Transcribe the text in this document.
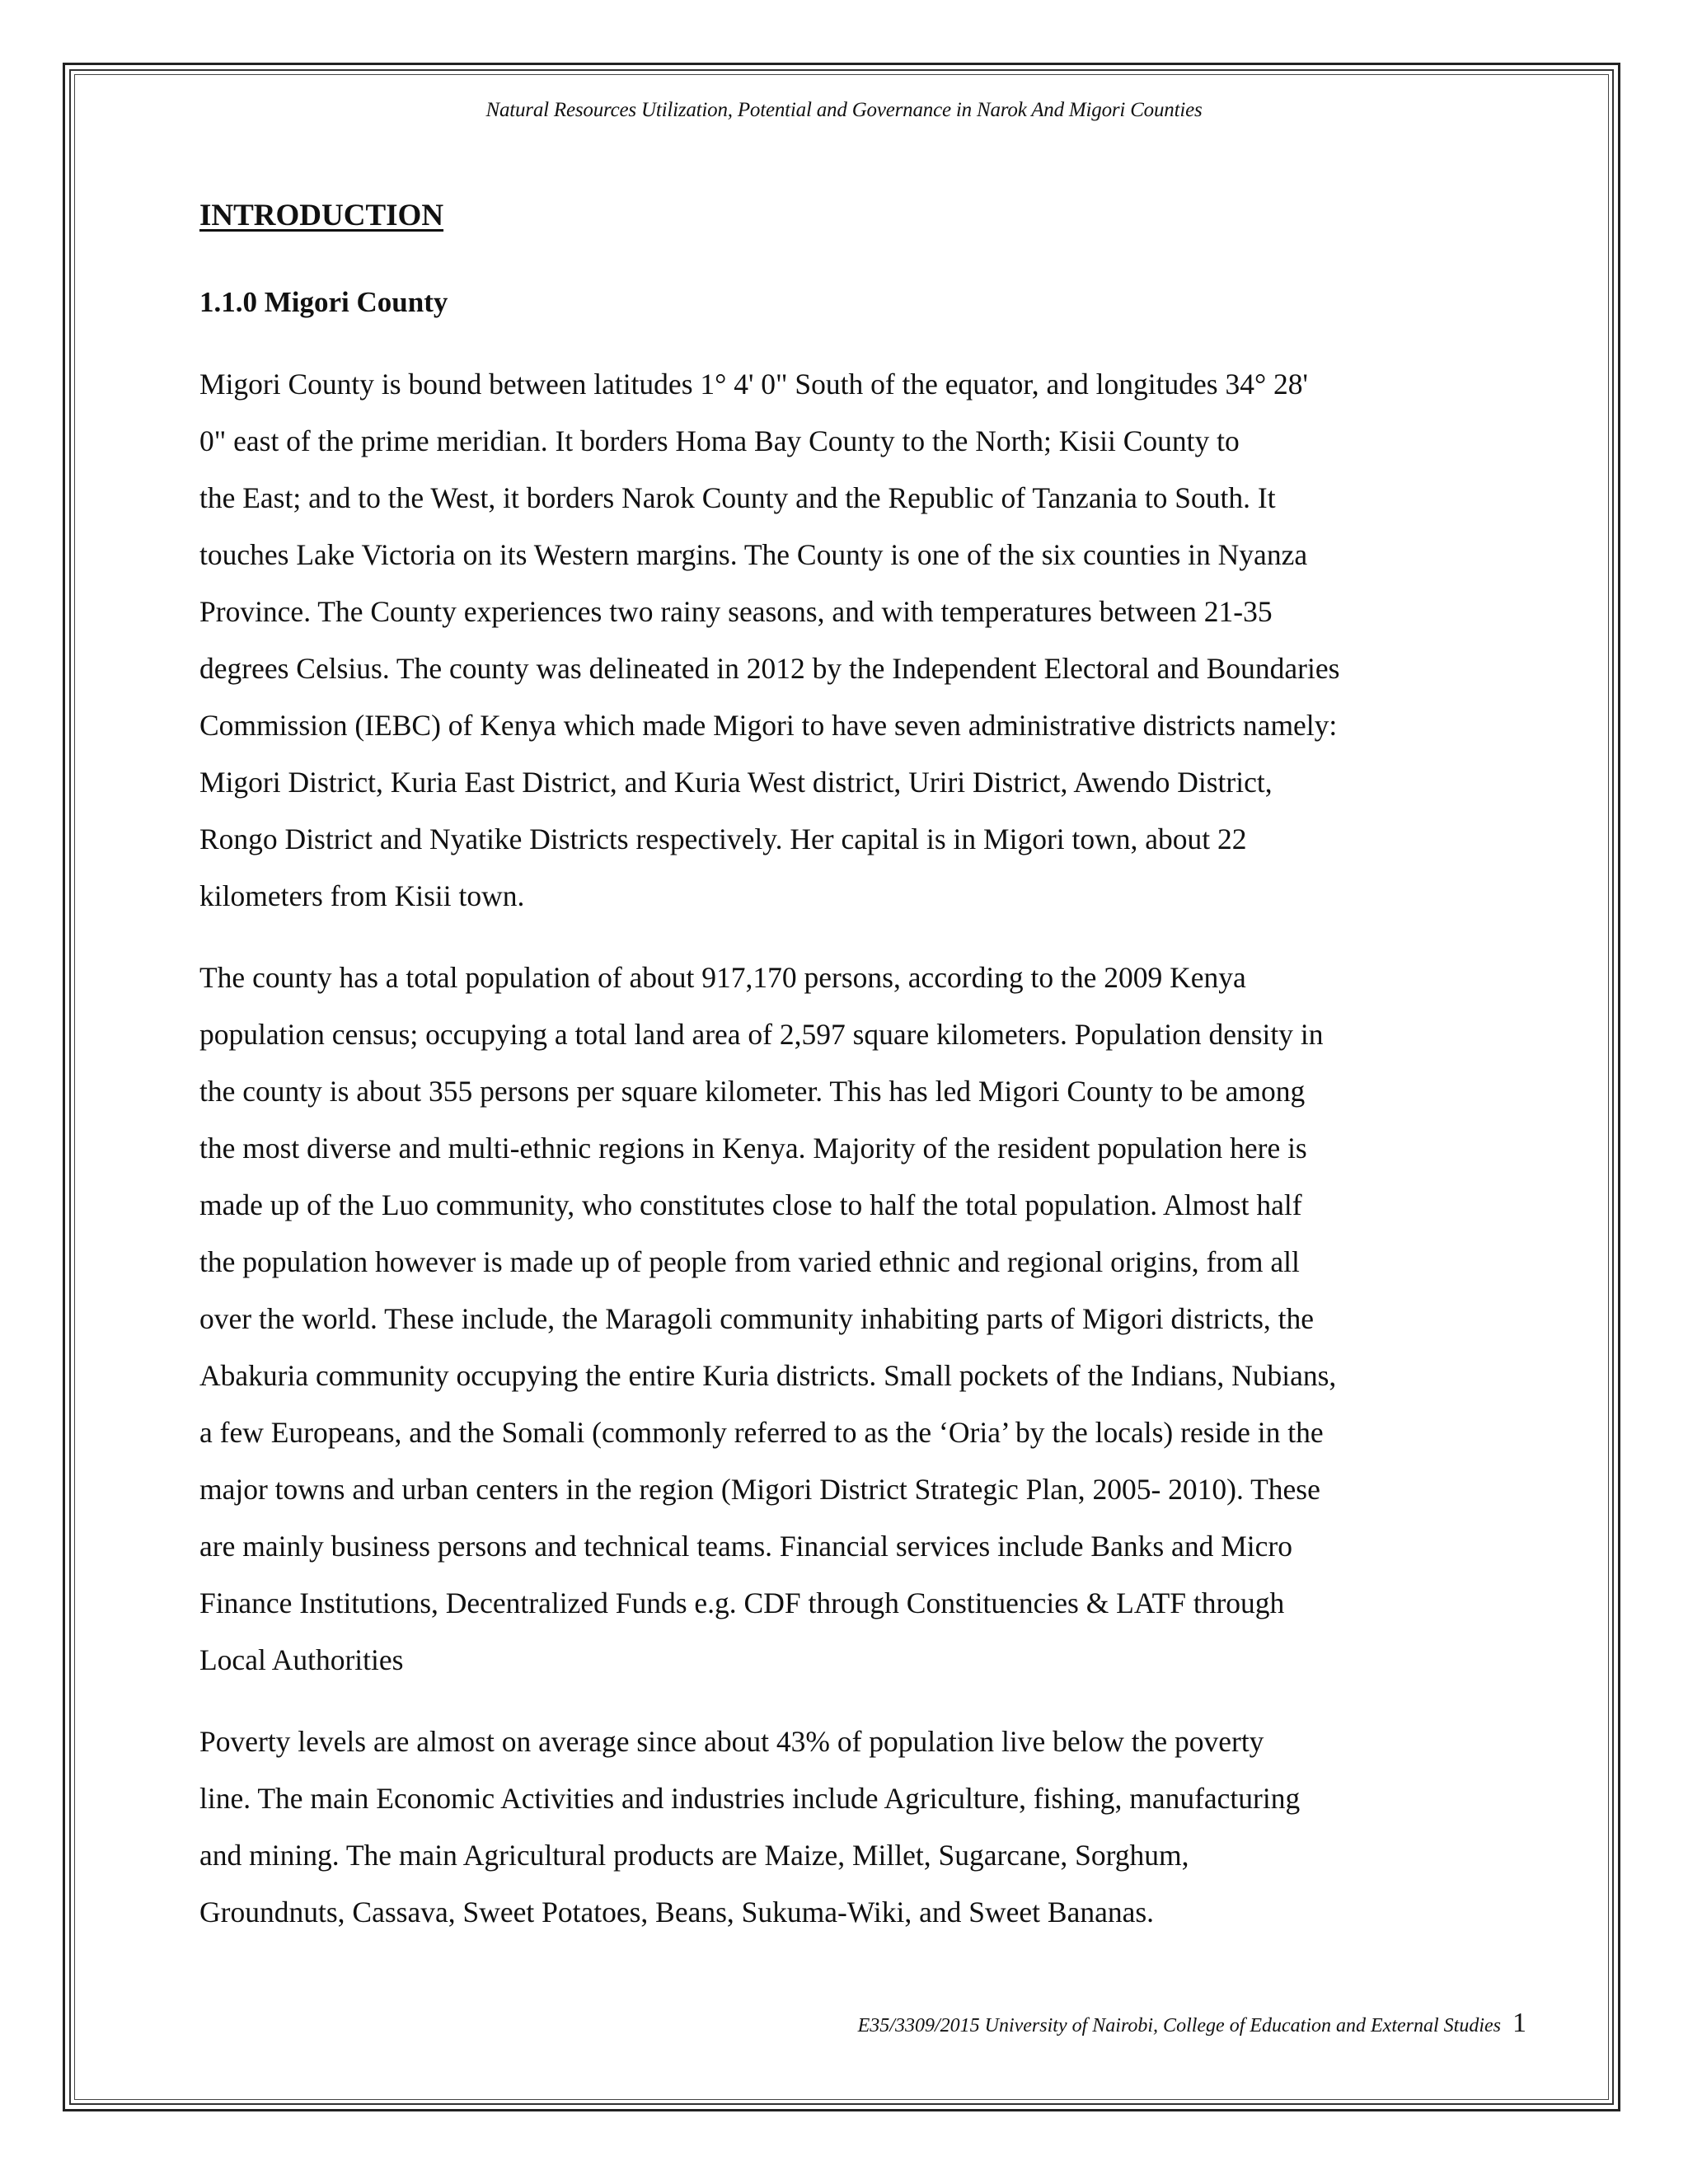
Natural Resources Utilization, Potential and Governance in Narok And Migori Counties
INTRODUCTION
1.1.0 Migori County

Migori County is bound between latitudes 1° 4' 0" South of the equator, and longitudes 34° 28'
0" east of the prime meridian. It borders Homa Bay County to the North; Kisii County to
the East; and to the West, it borders Narok County and the Republic of Tanzania to South. It
touches Lake Victoria on its Western margins. The County is one of the six counties in Nyanza
Province. The County experiences two rainy seasons, and with temperatures between 21-35
degrees Celsius. The county was delineated in 2012 by the Independent Electoral and Boundaries
Commission (IEBC) of Kenya which made Migori to have seven administrative districts namely:
Migori District, Kuria East District, and Kuria West district, Uriri District, Awendo District,
Rongo District and Nyatike Districts respectively. Her capital is in Migori town, about 22
kilometers from Kisii town.

The county has a total population of about 917,170 persons, according to the 2009 Kenya
population census; occupying a total land area of 2,597 square kilometers. Population density in
the county is about 355 persons per square kilometer. This has led Migori County to be among
the most diverse and multi-ethnic regions in Kenya. Majority of the resident population here is
made up of the Luo community, who constitutes close to half the total population. Almost half
the population however is made up of people from varied ethnic and regional origins, from all
over the world. These include, the Maragoli community inhabiting parts of Migori districts, the
Abakuria community occupying the entire Kuria districts. Small pockets of the Indians, Nubians,
a few Europeans, and the Somali (commonly referred to as the ‘Oria’ by the locals) reside in the
major towns and urban centers in the region (Migori District Strategic Plan, 2005- 2010). These
are mainly business persons and technical teams. Financial services include Banks and Micro
Finance Institutions, Decentralized Funds e.g. CDF through Constituencies & LATF through
Local Authorities

Poverty levels are almost on average since about 43% of population live below the poverty
line. The main Economic Activities and industries include Agriculture, fishing, manufacturing
and mining. The main Agricultural products are Maize, Millet, Sugarcane, Sorghum,
Groundnuts, Cassava, Sweet Potatoes, Beans, Sukuma-Wiki, and Sweet Bananas.

E35/3309/2015 University of Nairobi, College of Education and External Studies 1
